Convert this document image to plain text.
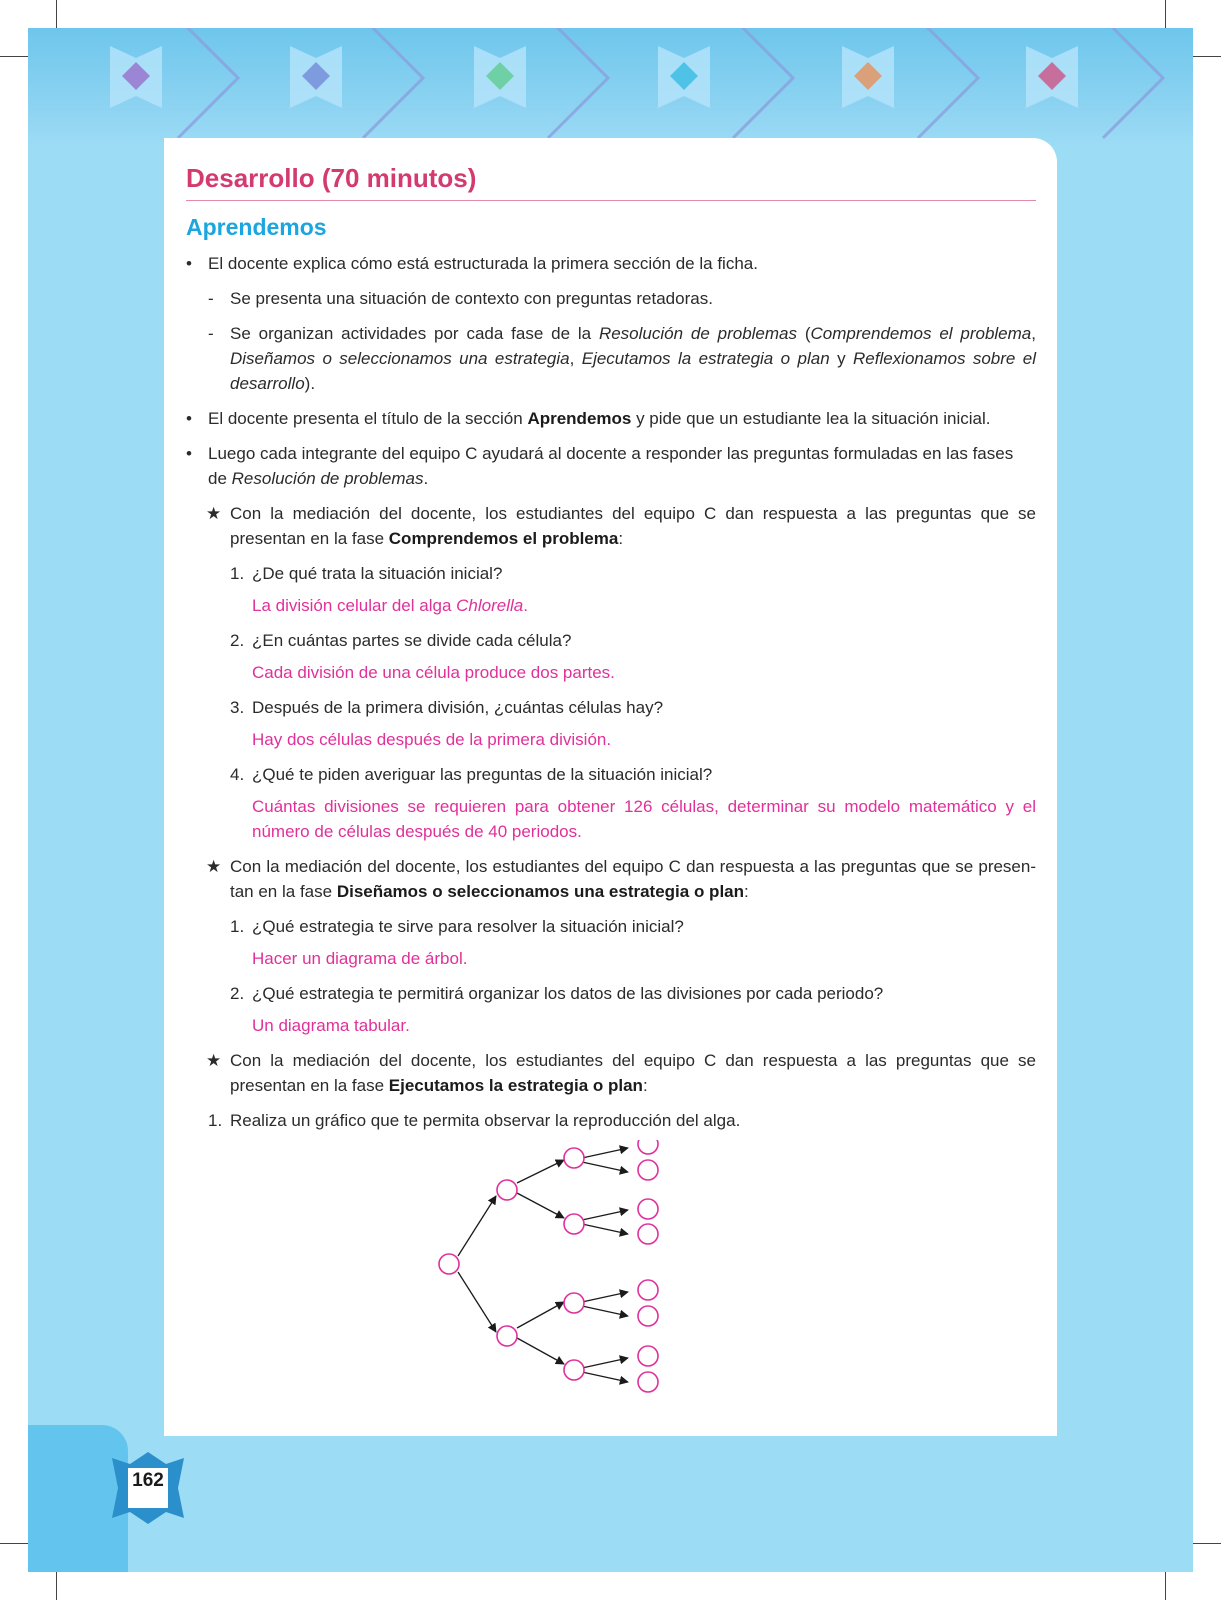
162
Desarrollo (70 minutos)
Aprendemos
• El docente explica cómo está estructurada la primera sección de la ficha.
- Se presenta una situación de contexto con preguntas retadoras.
- Se organizan actividades por cada fase de la Resolución de problemas (Comprendemos el problema, Diseñamos o seleccionamos una estrategia, Ejecutamos la estrategia o plan y Reflexionamos sobre el desarrollo).
• El docente presenta el título de la sección Aprendemos y pide que un estudiante lea la situación inicial.
• Luego cada integrante del equipo C ayudará al docente a responder las preguntas formuladas en las fases de Resolución de problemas.
★ Con la mediación del docente, los estudiantes del equipo C dan respuesta a las preguntas que se presentan en la fase Comprendemos el problema:
1. ¿De qué trata la situación inicial?
La división celular del alga Chlorella.
2. ¿En cuántas partes se divide cada célula?
Cada división de una célula produce dos partes.
3. Después de la primera división, ¿cuántas células hay?
Hay dos células después de la primera división.
4. ¿Qué te piden averiguar las preguntas de la situación inicial?
Cuántas divisiones se requieren para obtener 126 células, determinar su modelo matemático y el número de células después de 40 periodos.
★ Con la mediación del docente, los estudiantes del equipo C dan respuesta a las preguntas que se presen-tan en la fase Diseñamos o seleccionamos una estrategia o plan:
1. ¿Qué estrategia te sirve para resolver la situación inicial?
Hacer un diagrama de árbol.
2. ¿Qué estrategia te permitirá organizar los datos de las divisiones por cada periodo?
Un diagrama tabular.
★ Con la mediación del docente, los estudiantes del equipo C dan respuesta a las preguntas que se presentan en la fase Ejecutamos la estrategia o plan:
1. Realiza un gráfico que te permita observar la reproducción del alga.
